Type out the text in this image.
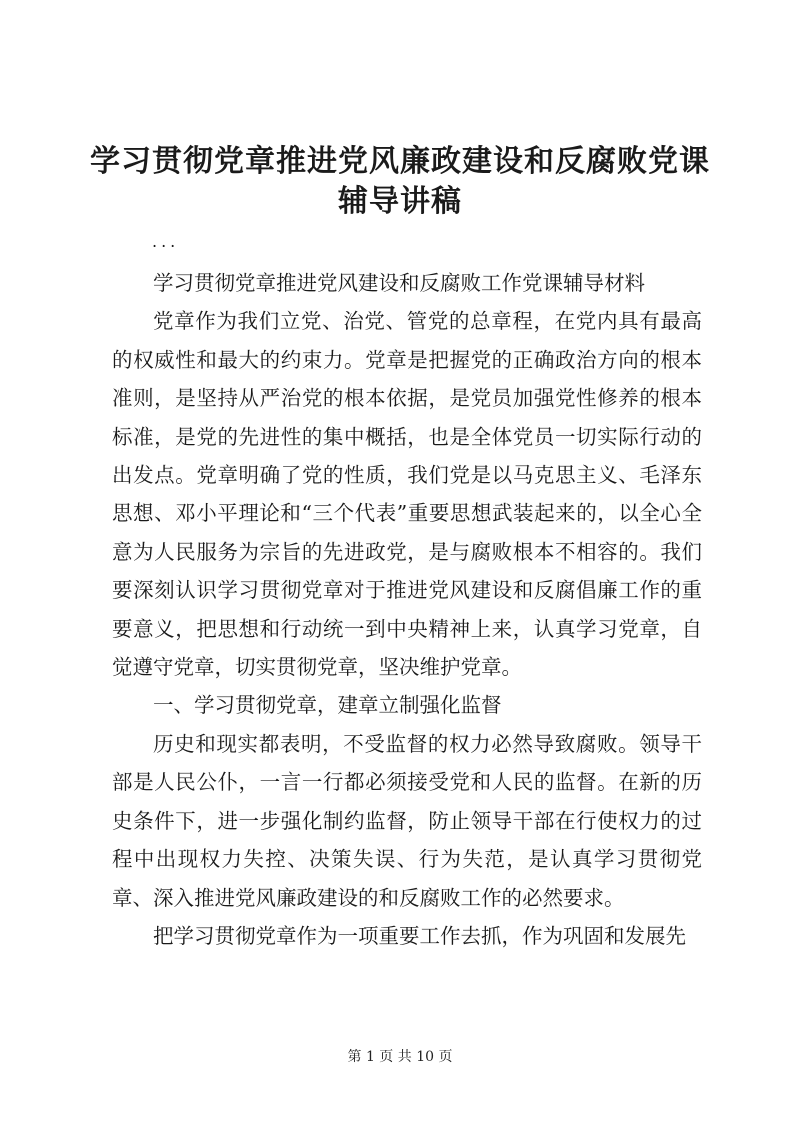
学习贯彻党章推进党风廉政建设和反腐败党课
辅导讲稿
...

学习贯彻党章推进党风建设和反腐败工作党课辅导材料

党章作为我们立党、治党、管党的总章程，在党内具有最高的权威性和最大的约束力。党章是把握党的正确政治方向的根本准则，是坚持从严治党的根本依据，是党员加强党性修养的根本标准，是党的先进性的集中概括，也是全体党员一切实际行动的出发点。党章明确了党的性质，我们党是以马克思主义、毛泽东思想、邓小平理论和“三个代表”重要思想武装起来的，以全心全意为人民服务为宗旨的先进政党，是与腐败根本不相容的。我们要深刻认识学习贯彻党章对于推进党风建设和反腐倡廉工作的重要意义，把思想和行动统一到中央精神上来，认真学习党章，自觉遵守党章，切实贯彻党章，坚决维护党章。

一、学习贯彻党章，建章立制强化监督

历史和现实都表明，不受监督的权力必然导致腐败。领导干部是人民公仆，一言一行都必须接受党和人民的监督。在新的历史条件下，进一步强化制约监督，防止领导干部在行使权力的过程中出现权力失控、决策失误、行为失范，是认真学习贯彻党章、深入推进党风廉政建设的和反腐败工作的必然要求。

把学习贯彻党章作为一项重要工作去抓，作为巩固和发展先

第 1 页 共 10 页
